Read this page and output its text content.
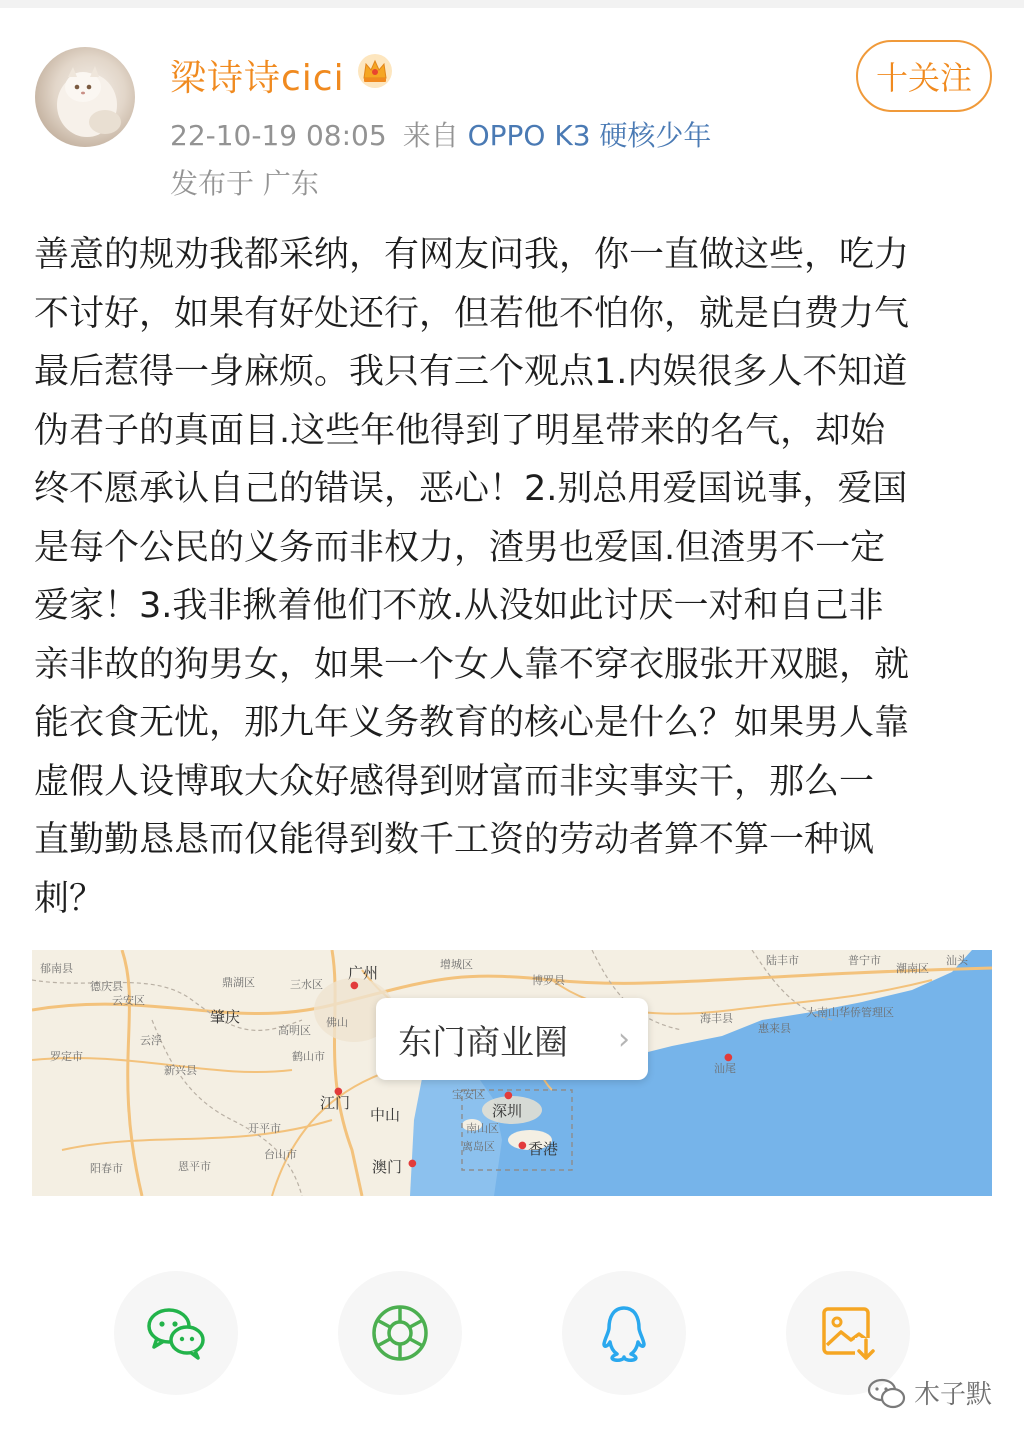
梁诗诗cici
22-10-19 08:05 来自 OPPO K3 硬核少年
发布于 广东
十关注
善意的规劝我都采纳，有网友问我，你一直做这些，吃力
不讨好，如果有好处还行，但若他不怕你，就是白费力气
最后惹得一身麻烦。我只有三个观点1.内娱很多人不知道
伪君子的真面目.这些年他得到了明星带来的名气，却始
终不愿承认自己的错误，恶心！2.别总用爱国说事，爱国
是每个公民的义务而非权力，渣男也爱国.但渣男不一定
爱家！3.我非揪着他们不放.从没如此讨厌一对和自己非
亲非故的狗男女，如果一个女人靠不穿衣服张开双腿，就
能衣食无忧，那九年义务教育的核心是什么？如果男人靠
虚假人设博取大众好感得到财富而非实事实干，那么一
直勤勤恳恳而仅能得到数千工资的劳动者算不算一种讽
刺？
郁南县
德庆县
云安区
鼎湖区	三水区
广州	增城区
博罗县
陆丰市	普宁市
潮南区
汕头
大南山华侨管理区
海丰县
惠来县
肇庆
云浮
高明区
佛山
罗定市
新兴县
鹤山市
江门
中山
开平市
台山市
阳春市	恩平市	澳门
宝安区
深圳
南山区
离岛区 香港
汕尾
●
●
●
●
●
●
东门商业圈 ›
木子默
